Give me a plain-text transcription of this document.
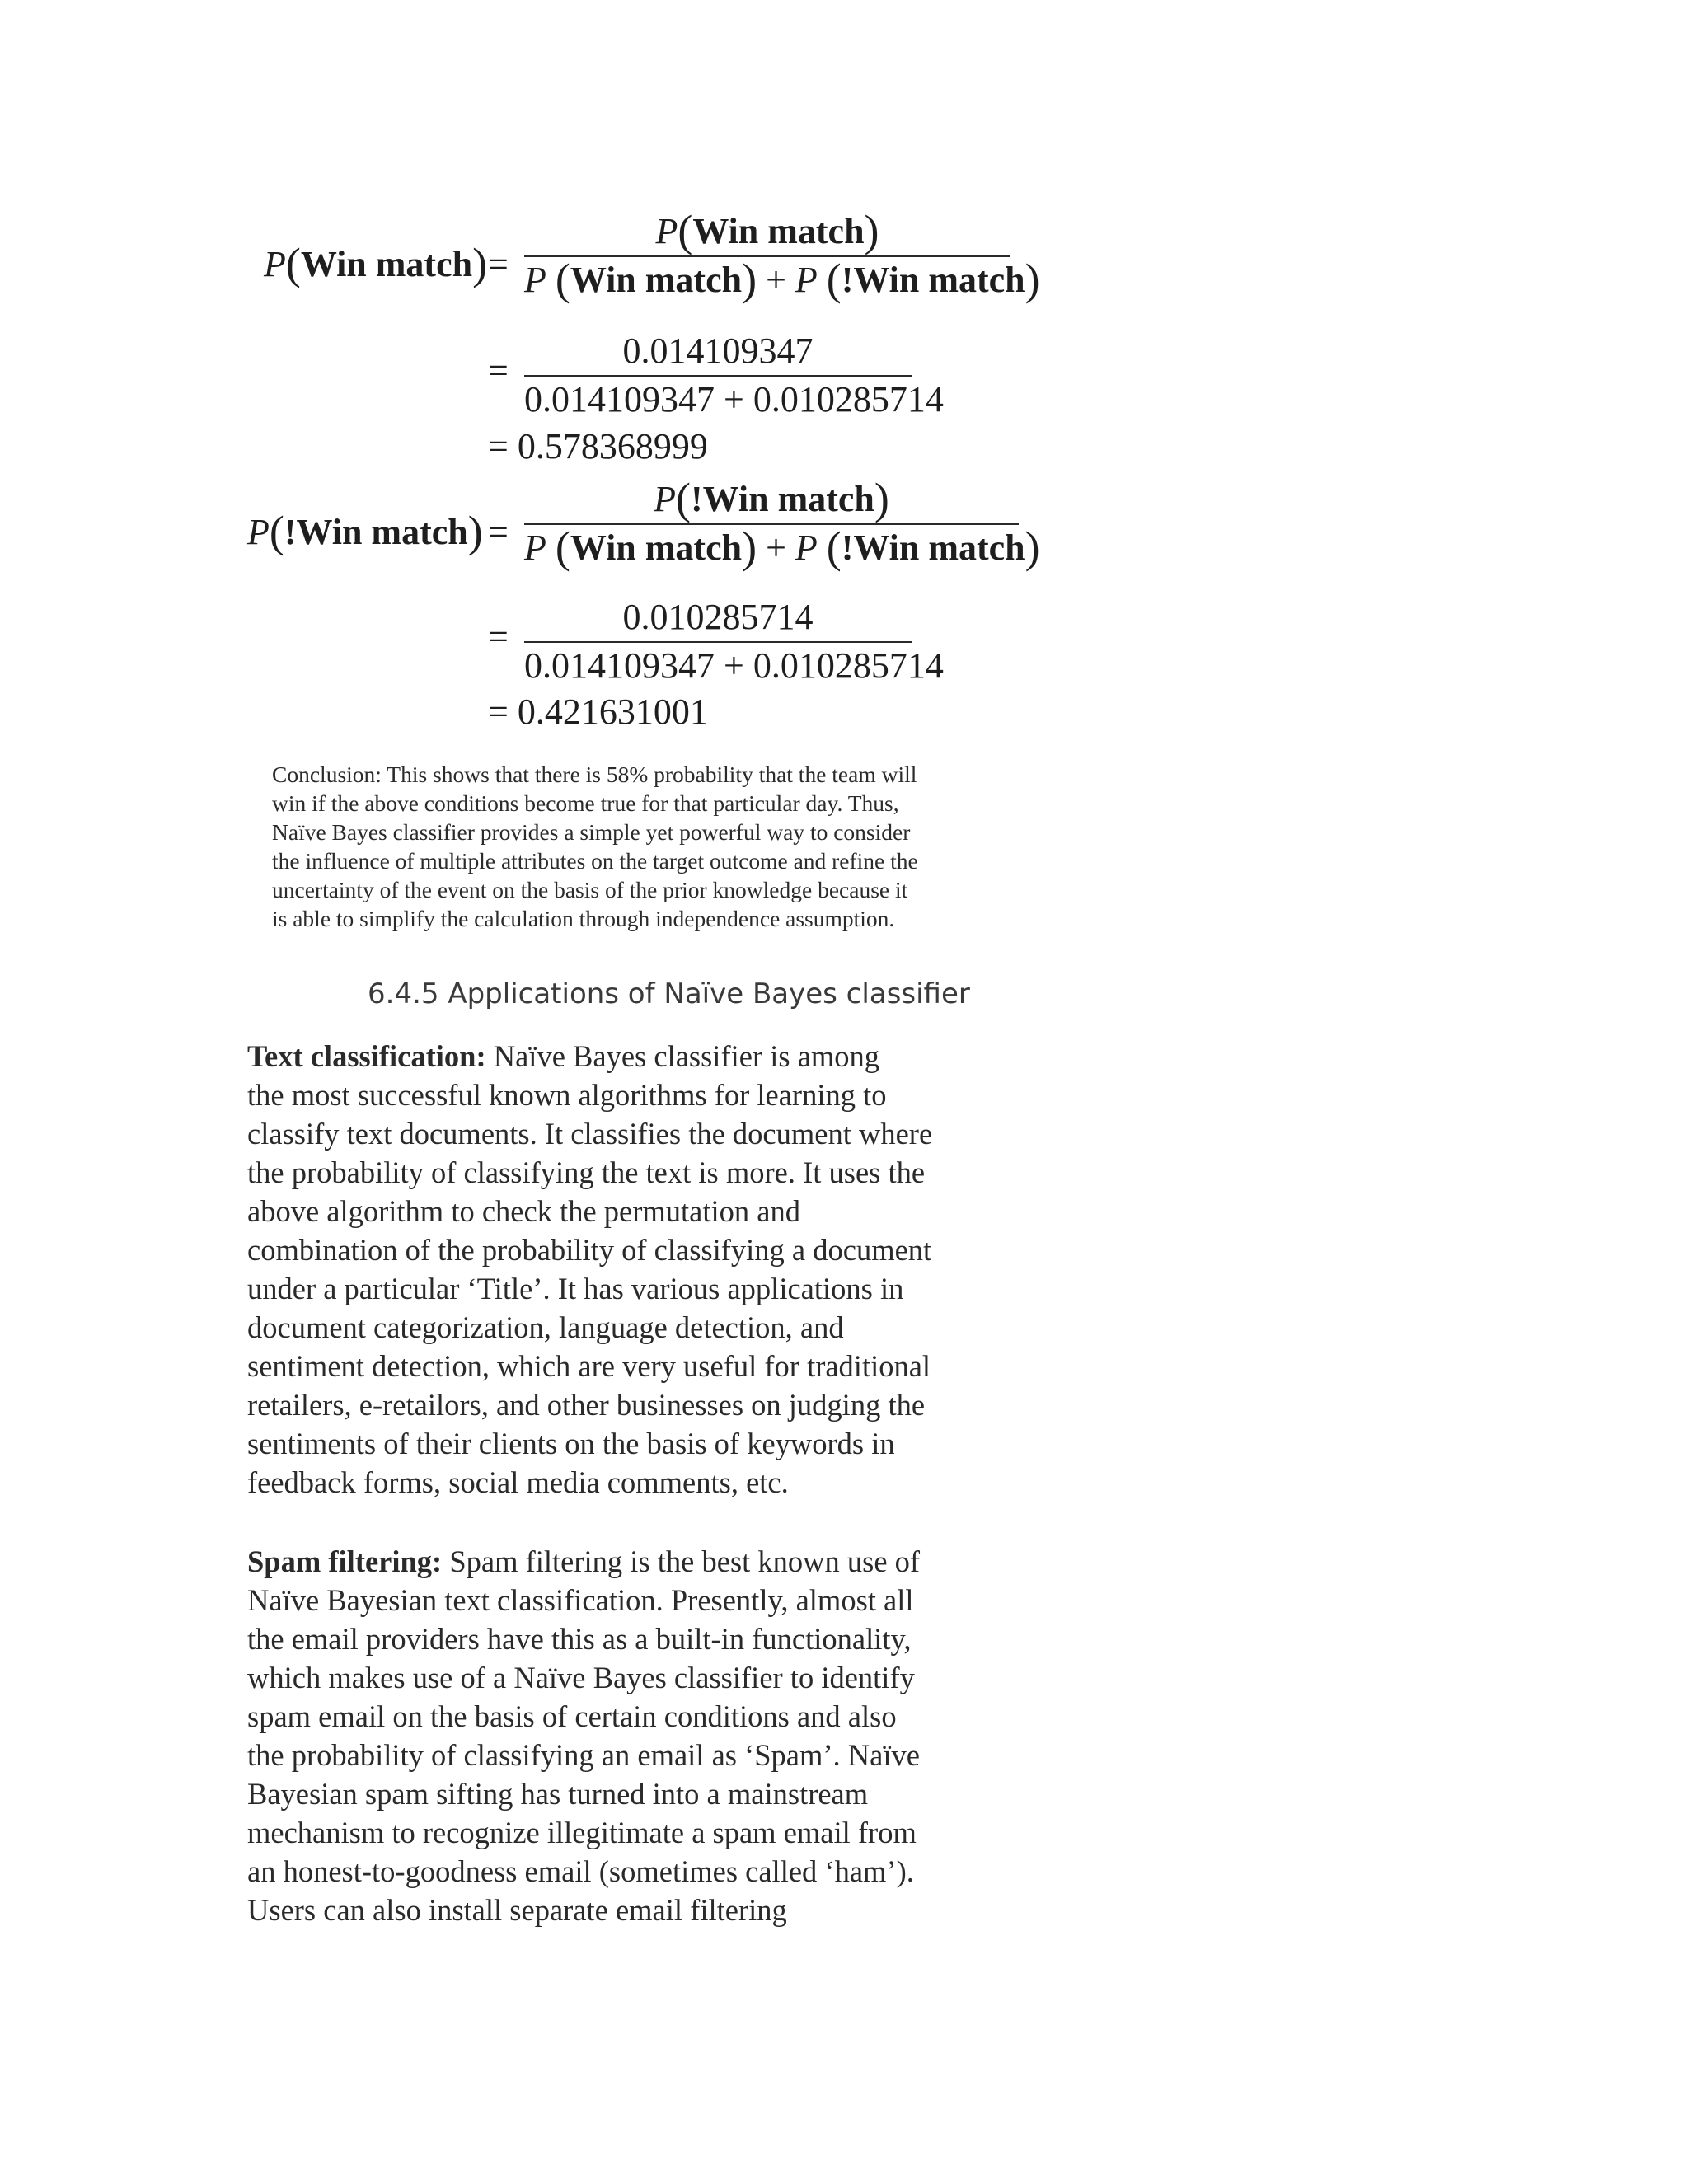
P(Win match) =
P(Win match)
P (Win match) + P (!Win match)
=	0.014109347
0.014109347 + 0.010285714
= 0.578368999
P(!Win match) =
P(!Win match)
P (Win match) + P (!Win match)
=	0.010285714
0.014109347 + 0.010285714
= 0.421631001

Conclusion: This shows that there is 58% probability that the team will
win if the above conditions become true for that particular day. Thus,
Naïve Bayes classifier provides a simple yet powerful way to consider
the influence of multiple attributes on the target outcome and refine the
uncertainty of the event on the basis of the prior knowledge because it
is able to simplify the calculation through independence assumption.

6.4.5 Applications of Naïve Bayes classifier

Text classification: Naïve Bayes classifier is among
the most successful known algorithms for learning to
classify text documents. It classifies the document where
the probability of classifying the text is more. It uses the
above algorithm to check the permutation and
combination of the probability of classifying a document
under a particular ‘Title’. It has various applications in
document categorization, language detection, and
sentiment detection, which are very useful for traditional
retailers, e-retailors, and other businesses on judging the
sentiments of their clients on the basis of keywords in
feedback forms, social media comments, etc.

Spam filtering: Spam filtering is the best known use of
Naïve Bayesian text classification. Presently, almost all
the email providers have this as a built-in functionality,
which makes use of a Naïve Bayes classifier to identify
spam email on the basis of certain conditions and also
the probability of classifying an email as ‘Spam’. Naïve
Bayesian spam sifting has turned into a mainstream
mechanism to recognize illegitimate a spam email from
an honest-to-goodness email (sometimes called ‘ham’).
Users can also install separate email filtering
